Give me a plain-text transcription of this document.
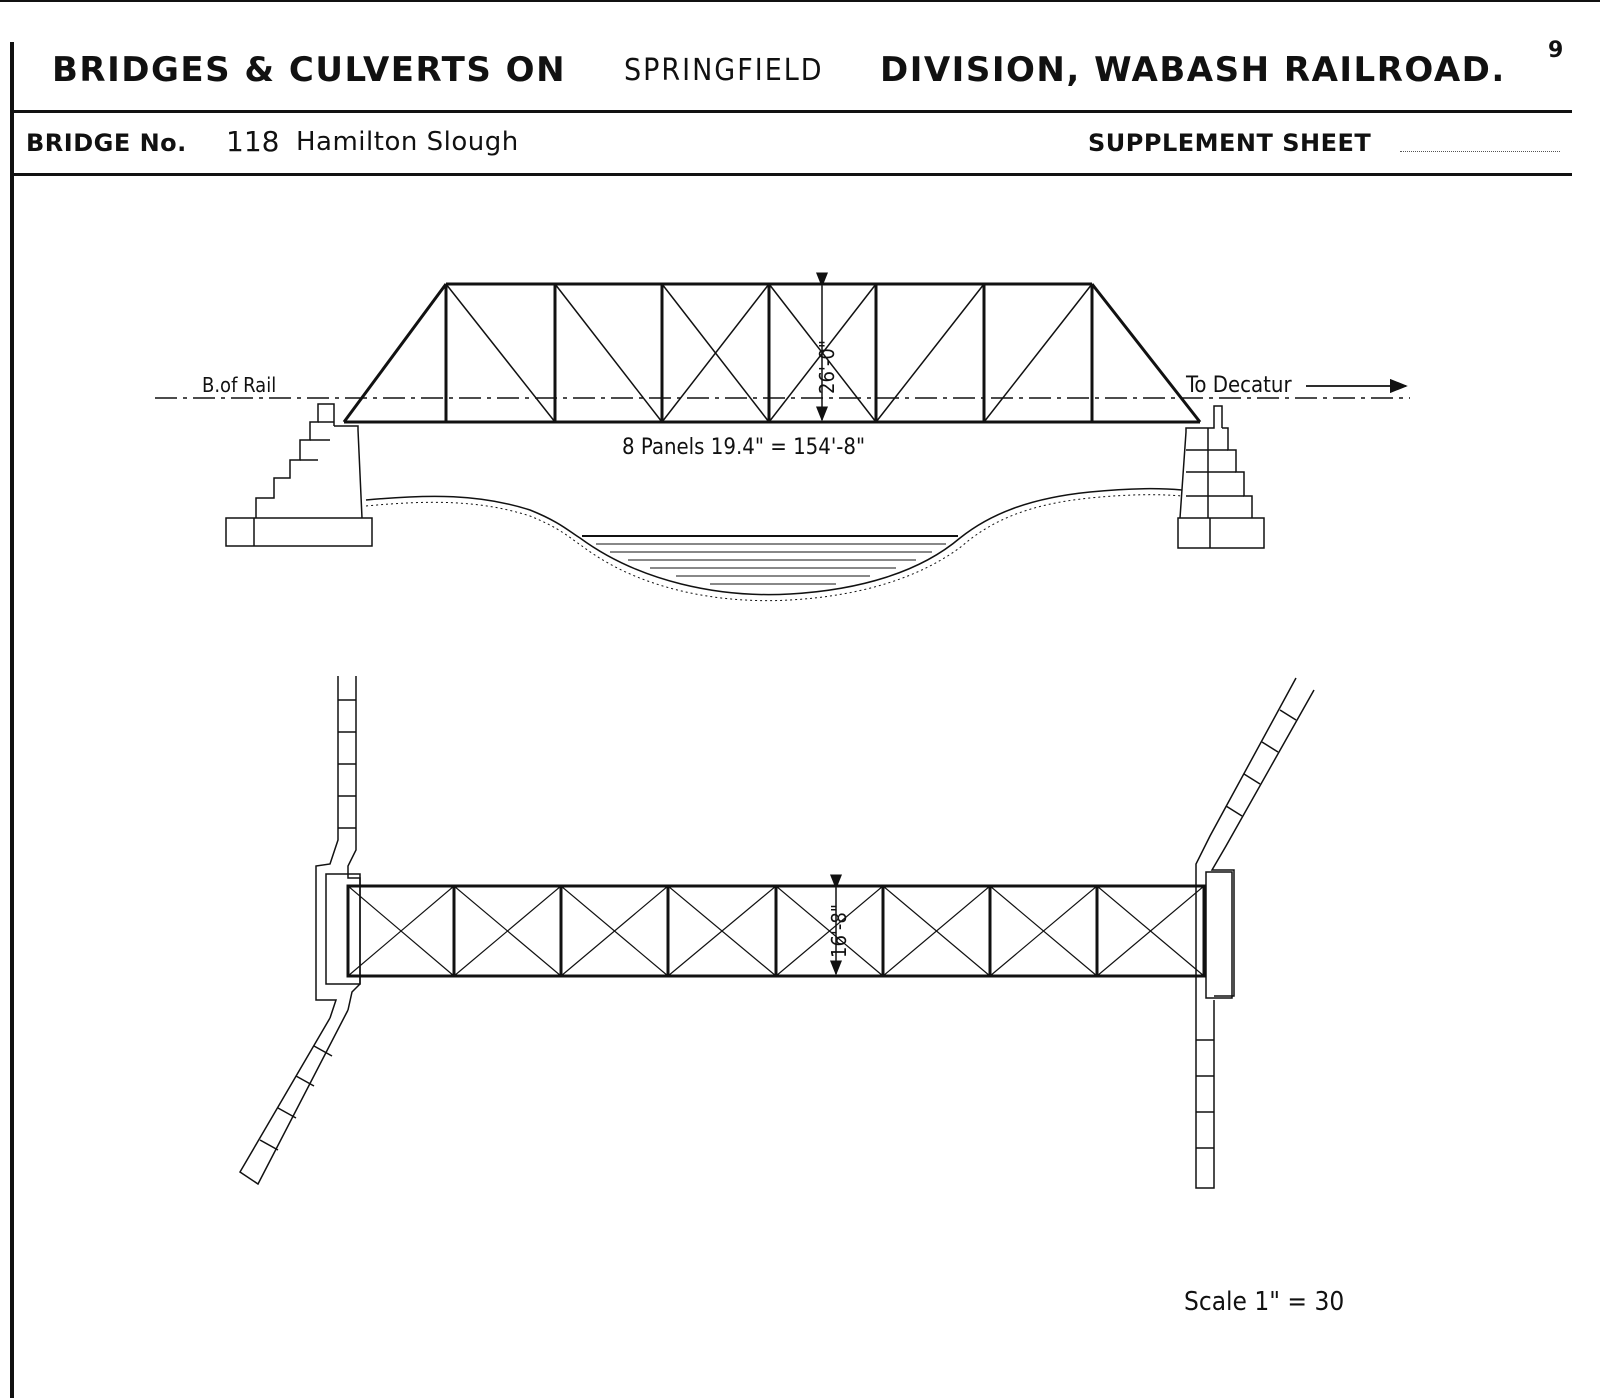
BRIDGES & CULVERTS ON SPRINGFIELD DIVISION, WABASH RAILROAD. 9
BRIDGE No. 118 Hamilton Slough	SUPPLEMENT SHEET
B.of Rail	To Decatur
8 Panels 19.4" = 154'-8"
26'-0"
16'-8"
Scale 1" = 30
